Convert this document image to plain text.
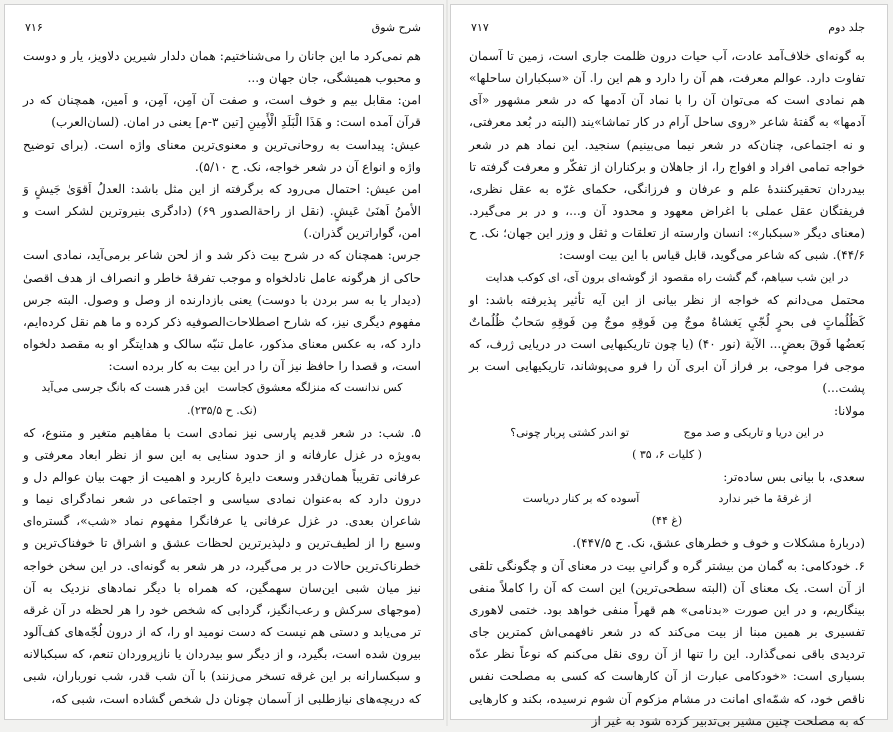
شرح شوق
۷۱۶

هم نمی‌کرد ما این جانان را می‌شناختیم: همان دلدار شیرین دلاویز، یار و دوست و محبوب همیشگی، جان جهان و...

امن: مقابل بیم و خوف است، و صفت آن آمِن، آمِن، و اَمین، همچنان که در قرآن آمده است: و هَذَا الْبَلَدِ الْأَمِينِ [تین ۳-م] یعنی در امان. (لسان‌العرب)

عیش: پیداست به روحانی‌ترین و معنوی‌ترین معنای واژه است. (برای توضیح واژه و انواع آن در شعر خواجه، نک. ح ۵/۱۰).

امن عیش: احتمال می‌رود که برگرفته از این مثل باشد: العدلُ اَقوَیٰ جَیشٍ وَ الأمنُ اَهنَیٰ عَیشٍ. (نقل از راحةالصدور ۶۹) (دادگری بنیرو‌ترین لشکر است و امن، گوارا‌ترین گذران.)

جرس: همچنان که در شرح بیت ذکر شد و از لحن شاعر برمی‌آید، نمادی است حاکی از هرگونه عامل نادلخواه و موجب تفرقهٔ خاطر و انصراف از هدف اقصیٰ (دیدار یا به سر بردن با دوست) یعنی بازدارنده از وصل و وصول. البته جرس مفهوم دیگری نیز، که شارح اصطلاحات‌الصوفیه ذکر کرده و ما هم نقل کرده‌ایم، دارد که، به عکس معنای مذکور، عامل تنبّه سالک و هدایتگر او به مقصد دلخواه است، و قصدا را حافظ نیز آن را در این بیت به کار برده است:

کس ندانست که منزلگه معشوق کجاست
این قدر هست که بانگ جرسی می‌آید
(نک. ح ۲۳۵/۵).

۵. شب: در شعر قدیم پارسی نیز نمادی است با مفاهیم متغیر و متنوع، که به‌ویژه در غزل عارفانه و از حدود سنایی به این سو از نظر ابعاد معرفتی و عرفانی تقریباً همان‌قدر وسعت دایرهٔ کاربرد و اهمیت از جهت بیان عوالم دل و درون دارد که به‌عنوان نمادی سیاسی و اجتماعی در شعر نمادگرای نیما و شاعران بعدی. در غزل عرفانی یا عرفانگرا مفهوم نماد «شب»، گستره‌ای وسیع را از لطیف‌ترین و دلپذیرترین لحظات عشق و اشراق تا خوفناک‌ترین و خطرناک‌ترین حالات در بر می‌گیرد، در هر شعر به گونه‌ای. در این سخن خواجه نیز میان شبی این‌سان سهمگین، که همراه با دیگر نمادهای نزدیک به آن (موجهای سرکش و رعب‌انگیز، گردابی که شخص خود را هر لحظه در آن غرقه تر می‌یابد و دستی هم نیست که دست نومید او را، که از درون لُجّه‌های کف‌آلود بیرون شده است، بگیرد، و از دیگر سو بیدردان یا نازپروردان تنعم، که سبکبالانه و سبکسارانه بر این غرقه تسخر می‌زنند) با آن شب قدر، شب نورباران، شبی که دریچه‌های نیازطلبی از آسمان چونان دل شخص گشاده است، شبی که،

جلد دوم
۷۱۷

به گونه‌ای خلاف‌آمد عادت، آب حیات درون ظلمت جاری است، زمین تا آسمان تفاوت دارد. عوالم معرفت، هم آن را دارد و هم این را. آن «سبکباران ساحلها» هم نمادی است که می‌توان آن را با نماد آن آدمها که در شعر مشهور «آی آدمها» به گفتهٔ شاعر «روی ساحل آرام در کار تماشا»یند (البته در بُعد معرفتی، و نه اجتماعی، چنان‌که در شعر نیما می‌بینیم) سنجید. این نماد هم در شعر خواجه تمامی افراد و افواج را، از جاهلان و برکناران از تفکّر و معرفت گرفته تا بیدردان تحقیرکنندهٔ علم و عرفان و فرزانگی، حکمای غرّه به عقل نظری، فریفتگان عقل عملی با اغراض معهود و محدود آن و...، و در بر می‌گیرد. (معنای دیگر «سبکبار»: انسان وارسته از تعلقات و ثقل و وزر این جهان؛ نک. ح ۴۴/۶). شبی که شاعر می‌گوید، قابل قیاس با این بیت اوست:

در این شب سیاهم، گم گشت راه مقصود
از گوشه‌ای برون آی، ای کوکب هدایت

محتمل می‌دانم که خواجه از نظر بیانی از این آیه تأثیر پذیرفته باشد: او کَظُلُماتٍ فی بحرٍ لُجّیٍ یَغشاهُ موجٌ مِن فَوقِهِ موجٌ مِن فَوقِهِ سَحابٌ ظُلُماتٌ بَعضُها فَوقَ بعضٍ... الآیة (نور ۴۰) (یا چون تاریکیهایی است در دریایی ژرف، که موجی فرا موجی، بر فراز آن ابری آن را فرو می‌پوشاند، تاریکیهایی است بر پشت...)

مولانا:

در این دریا و تاریکی و صد موج
تو اندر کشتی پربار چونی؟
( کلیات ۶، ۳۵ )

سعدی، با بیانی بس ساده‌تر:

از غرقهٔ ما خبر ندارد
آسوده که بر کنار دریاست
(غ ۴۴)

(دربارهٔ مشکلات و خوف و خطرهای عشق، نک. ح ۴۴۷/۵).

۶. خودکامی: به گمان من بیشتر گره و گرانیِ بیت در معنای آن و چگونگی تلقی از آن است. یک معنای آن (البته سطحی‌ترین) این است که آن را کاملاً منفی بینگاریم، و در این صورت «بدنامی» هم قهراً منفی خواهد بود. ختمی لاهوری تفسیری بر همین مبنا از بیت می‌کند که در شعر نافهمی‌اش کمترین جای تردیدی باقی نمی‌گذارد. این را تنها از آن روی نقل می‌کنم که نوعاً نظر عدّه بسیاری است: «خودکامی عبارت از آن کارهاست که کسی به مصلحت نفس ناقص خود، که شمّه‌ای امانت در مشام مزکوم آن شوم نرسیده، بکند و کارهایی که به مصلحت چنین مشیر بی‌تدبیر کرده شود به غیر از
